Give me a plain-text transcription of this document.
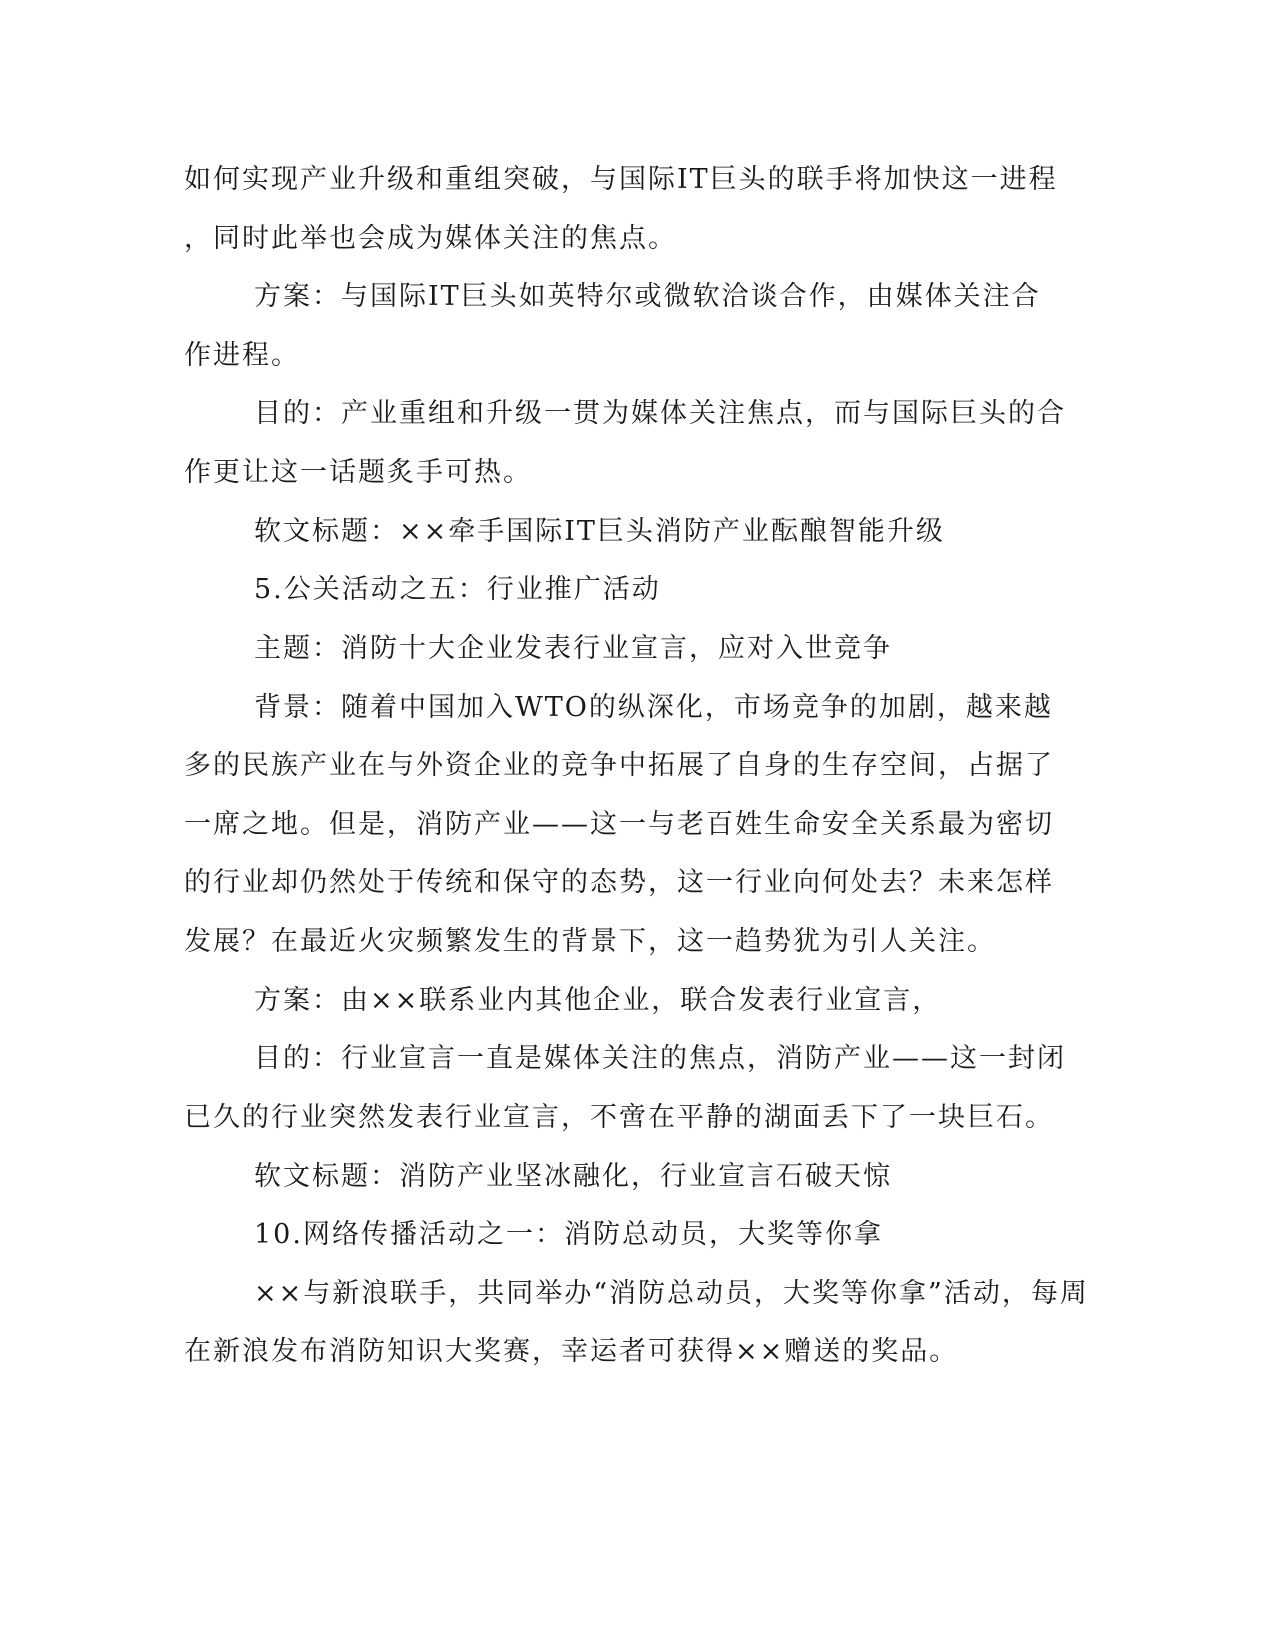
如何实现产业升级和重组突破，与国际IT巨头的联手将加快这一进程
，同时此举也会成为媒体关注的焦点。
方案：与国际IT巨头如英特尔或微软洽谈合作，由媒体关注合
作进程。
目的：产业重组和升级一贯为媒体关注焦点，而与国际巨头的合
作更让这一话题炙手可热。
软文标题：××牵手国际IT巨头消防产业酝酿智能升级
5.公关活动之五：行业推广活动
主题：消防十大企业发表行业宣言，应对入世竞争
背景：随着中国加入WTO的纵深化，市场竞争的加剧，越来越
多的民族产业在与外资企业的竞争中拓展了自身的生存空间，占据了
一席之地。但是，消防产业——这一与老百姓生命安全关系最为密切
的行业却仍然处于传统和保守的态势，这一行业向何处去？未来怎样
发展？在最近火灾频繁发生的背景下，这一趋势犹为引人关注。
方案：由××联系业内其他企业，联合发表行业宣言，
目的：行业宣言一直是媒体关注的焦点，消防产业——这一封闭
已久的行业突然发表行业宣言，不啻在平静的湖面丢下了一块巨石。
软文标题：消防产业坚冰融化，行业宣言石破天惊
10.网络传播活动之一：消防总动员，大奖等你拿
××与新浪联手，共同举办“消防总动员，大奖等你拿”活动，每周
在新浪发布消防知识大奖赛，幸运者可获得××赠送的奖品。
